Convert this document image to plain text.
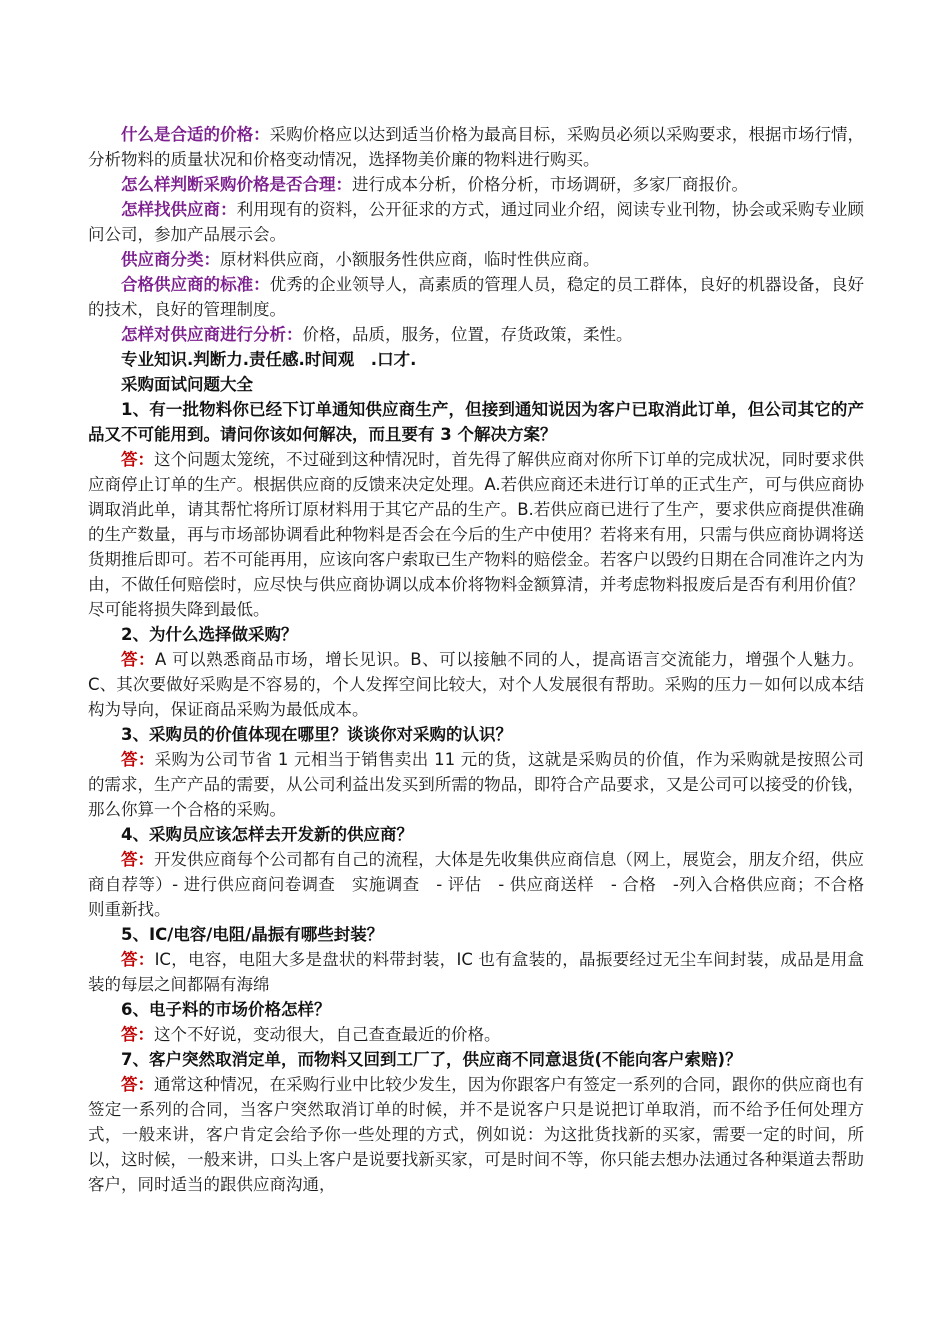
什么是合适的价格：采购价格应以达到适当价格为最高目标，采购员必须以采购要求，根据市场行情，分析物料的质量状况和价格变动情况，选择物美价廉的物料进行购买。

怎么样判断采购价格是否合理：进行成本分析，价格分析，市场调研，多家厂商报价。

怎样找供应商：利用现有的资料，公开征求的方式，通过同业介绍，阅读专业刊物，协会或采购专业顾问公司，参加产品展示会。

供应商分类：原材料供应商，小额服务性供应商，临时性供应商。

合格供应商的标准：优秀的企业领导人，高素质的管理人员，稳定的员工群体，良好的机器设备，良好的技术，良好的管理制度。

怎样对供应商进行分析：价格，品质，服务，位置，存货政策，柔性。

专业知识.判断力.责任感.时间观　.口才.

采购面试问题大全

1、有一批物料你已经下订单通知供应商生产，但接到通知说因为客户已取消此订单，但公司其它的产品又不可能用到。请问你该如何解决，而且要有 3 个解决方案？

答：这个问题太笼统，不过碰到这种情况时，首先得了解供应商对你所下订单的完成状况，同时要求供应商停止订单的生产。根据供应商的反馈来决定处理。A.若供应商还未进行订单的正式生产，可与供应商协调取消此单，请其帮忙将所订原材料用于其它产品的生产。B.若供应商已进行了生产，要求供应商提供准确的生产数量，再与市场部协调看此种物料是否会在今后的生产中使用？若将来有用，只需与供应商协调将送货期推后即可。若不可能再用，应该向客户索取已生产物料的赔偿金。若客户以毁约日期在合同准许之内为由，不做任何赔偿时，应尽快与供应商协调以成本价将物料金额算清，并考虑物料报废后是否有利用价值？尽可能将损失降到最低。

2、为什么选择做采购？

答：A 可以熟悉商品市场，增长见识。B、可以接触不同的人，提高语言交流能力，增强个人魅力。C、其次要做好采购是不容易的，个人发挥空间比较大，对个人发展很有帮助。采购的压力－如何以成本结构为导向，保证商品采购为最低成本。

3、采购员的价值体现在哪里？谈谈你对采购的认识？

答：采购为公司节省 1 元相当于销售卖出 11 元的货，这就是采购员的价值，作为采购就是按照公司的需求，生产产品的需要，从公司利益出发买到所需的物品，即符合产品要求，又是公司可以接受的价钱，那么你算一个合格的采购。

4、采购员应该怎样去开发新的供应商？

答：开发供应商每个公司都有自己的流程，大体是先收集供应商信息（网上，展览会，朋友介绍，供应商自荐等）- 进行供应商问卷调查　实施调查　- 评估　- 供应商送样　- 合格　-列入合格供应商；不合格则重新找。

5、IC/电容/电阻/晶振有哪些封装？

答：IC，电容，电阻大多是盘状的料带封装，IC 也有盒装的，晶振要经过无尘车间封装，成品是用盒装的每层之间都隔有海绵

6、电子料的市场价格怎样？

答：这个不好说，变动很大，自己查查最近的价格。

7、客户突然取消定单，而物料又回到工厂了，供应商不同意退货(不能向客户索赔)？

答：通常这种情况，在采购行业中比较少发生，因为你跟客户有签定一系列的合同，跟你的供应商也有签定一系列的合同，当客户突然取消订单的时候，并不是说客户只是说把订单取消，而不给予任何处理方式，一般来讲，客户肯定会给予你一些处理的方式，例如说：为这批货找新的买家，需要一定的时间，所以，这时候，一般来讲，口头上客户是说要找新买家，可是时间不等，你只能去想办法通过各种渠道去帮助客户，同时适当的跟供应商沟通，
